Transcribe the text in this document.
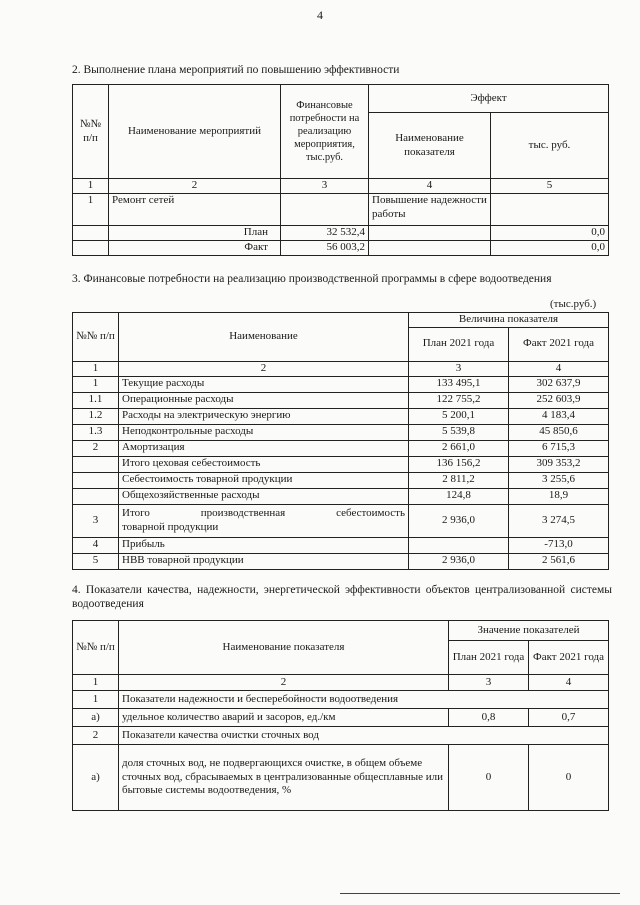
4
2. Выполнение плана мероприятий по повышению эффективности
№№ п/п	Наименование мероприятий	Финансовые потребности на реализацию мероприятия, тыс.руб.	Эффект	
			Наименование показателя	тыс. руб.
1	2	3	4	5
1	Ремонт сетей		Повышение надежности работы	
	План	32 532,4		0,0
	Факт	56 003,2		0,0
3. Финансовые потребности на реализацию производственной программы в сфере водоотведения
(тыс.руб.)
№№ п/п	Наименование	Величина показателя	
		План 2021 года	Факт 2021 года
1	2	3	4
1	Текущие расходы	133 495,1	302 637,9
1.1	Операционные расходы	122 755,2	252 603,9
1.2	Расходы на электрическую энергию	5 200,1	4 183,4
1.3	Неподконтрольные расходы	5 539,8	45 850,6
2	Амортизация	2 661,0	6 715,3
	Итого цеховая себестоимость	136 156,2	309 353,2
	Себестоимость товарной продукции	2 811,2	3 255,6
	Общехозяйственные расходы	124,8	18,9
3	Итого производственная себестоимость
товарной продукции	2 936,0	3 274,5
4	Прибыль		-713,0
5	НВВ товарной продукции	2 936,0	2 561,6
4. Показатели качества, надежности, энергетической эффективности объектов централизованной системы водоотведения
№№ п/п	Наименование показателя	Значение показателей	
		План 2021 года	Факт 2021 года
1	2	3	4
1	Показатели надежности и бесперебойности водоотведения		
а)	удельное количество аварий и засоров, ед./км	0,8	0,7
2	Показатели качества очистки сточных вод		
а)	доля сточных вод, не подвергающихся очистке, в общем объеме сточных вод, сбрасываемых в централизованные общесплавные или бытовые системы водоотведения, %	0	0
